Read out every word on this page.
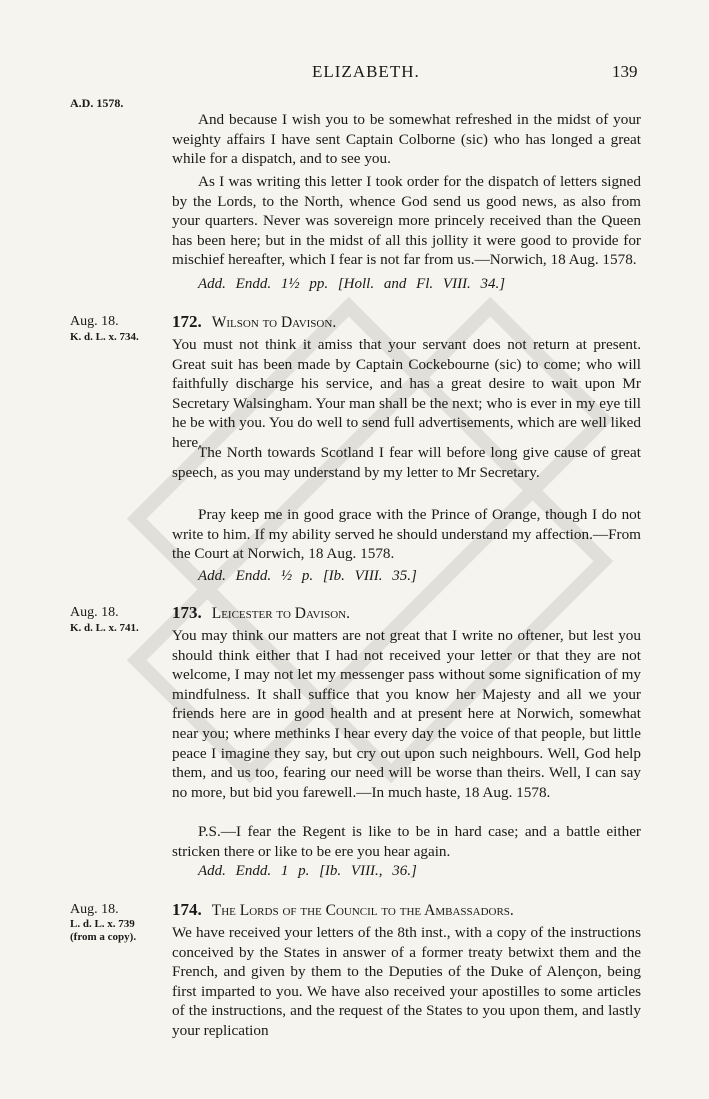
ELIZABETH.	139
A.D. 1578.
And because I wish you to be somewhat refreshed in the midst of your weighty affairs I have sent Captain Colborne (sic) who has longed a great while for a dispatch, and to see you.
As I was writing this letter I took order for the dispatch of letters signed by the Lords, to the North, whence God send us good news, as also from your quarters. Never was sovereign more princely received than the Queen has been here; but in the midst of all this jollity it were good to provide for mischief hereafter, which I fear is not far from us.—Norwich, 18 Aug. 1578.
Add. Endd. 1½ pp. [Holl. and Fl. VIII. 34.]
Aug. 18.
K. d. L. x. 734.
172. Wilson to Davison.
You must not think it amiss that your servant does not return at present. Great suit has been made by Captain Cockebourne (sic) to come; who will faithfully discharge his service, and has a great desire to wait upon Mr Secretary Walsingham. Your man shall be the next; who is ever in my eye till he be with you. You do well to send full advertisements, which are well liked here.
The North towards Scotland I fear will before long give cause of great speech, as you may understand by my letter to Mr Secretary.
Pray keep me in good grace with the Prince of Orange, though I do not write to him. If my ability served he should understand my affection.—From the Court at Norwich, 18 Aug. 1578.
Add. Endd. ½ p. [Ib. VIII. 35.]
Aug. 18.
K. d. L. x. 741.
173. Leicester to Davison.
You may think our matters are not great that I write no oftener, but lest you should think either that I had not received your letter or that they are not welcome, I may not let my messenger pass without some signification of my mindfulness. It shall suffice that you know her Majesty and all we your friends here are in good health and at present here at Norwich, somewhat near you; where methinks I hear every day the voice of that people, but little peace I imagine they say, but cry out upon such neighbours. Well, God help them, and us too, fearing our need will be worse than theirs. Well, I can say no more, but bid you farewell.—In much haste, 18 Aug. 1578.
P.S.—I fear the Regent is like to be in hard case; and a battle either stricken there or like to be ere you hear again.
Add. Endd. 1 p. [Ib. VIII., 36.]
Aug. 18.
L. d. L. x. 739
(from a copy).
174. The Lords of the Council to the Ambassadors.
We have received your letters of the 8th inst., with a copy of the instructions conceived by the States in answer of a former treaty betwixt them and the French, and given by them to the Deputies of the Duke of Alençon, being first imparted to you. We have also received your apostilles to some articles of the instructions, and the request of the States to you upon them, and lastly your replication
